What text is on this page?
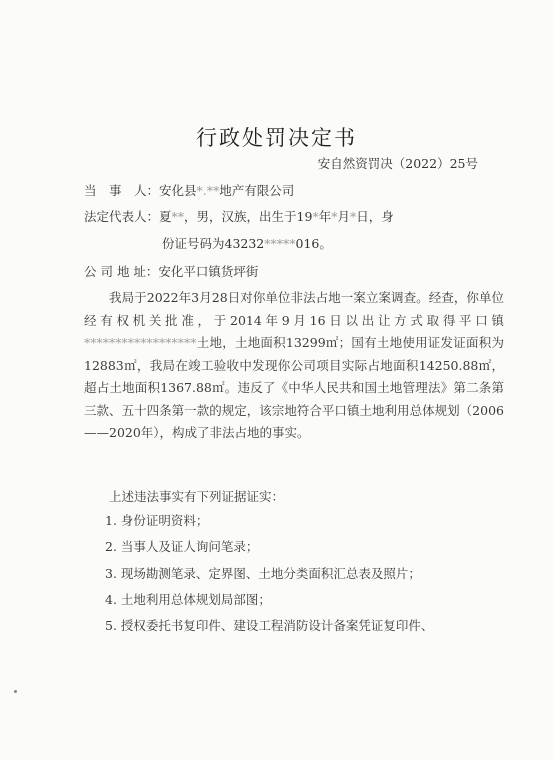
行政处罚决定书
安自然资罚决（2022）25号
当　事　人：安化县*.**地产有限公司
法定代表人：夏**，男，汉族，出生于19*年*月*日，身
份证号码为43232*****016。
公 司 地 址：安化平口镇货坪街
我局于2022年3月28日对你单位非法占地一案立案调查。经查，你单位经有权机关批准，于2014年9月16日以出让方式取得平口镇******************土地，土地面积13299㎡；国有土地使用证发证面积为12883㎡，我局在竣工验收中发现你公司项目实际占地面积14250.88㎡，超占土地面积1367.88㎡。违反了《中华人民共和国土地管理法》第二条第三款、五十四条第一款的规定，该宗地符合平口镇土地利用总体规划（2006——2020年），构成了非法占地的事实。
上述违法事实有下列证据证实：
1. 身份证明资料；
2. 当事人及证人询问笔录；
3. 现场勘测笔录、定界图、土地分类面积汇总表及照片；
4. 土地利用总体规划局部图；
5. 授权委托书复印件、建设工程消防设计备案凭证复印件、
